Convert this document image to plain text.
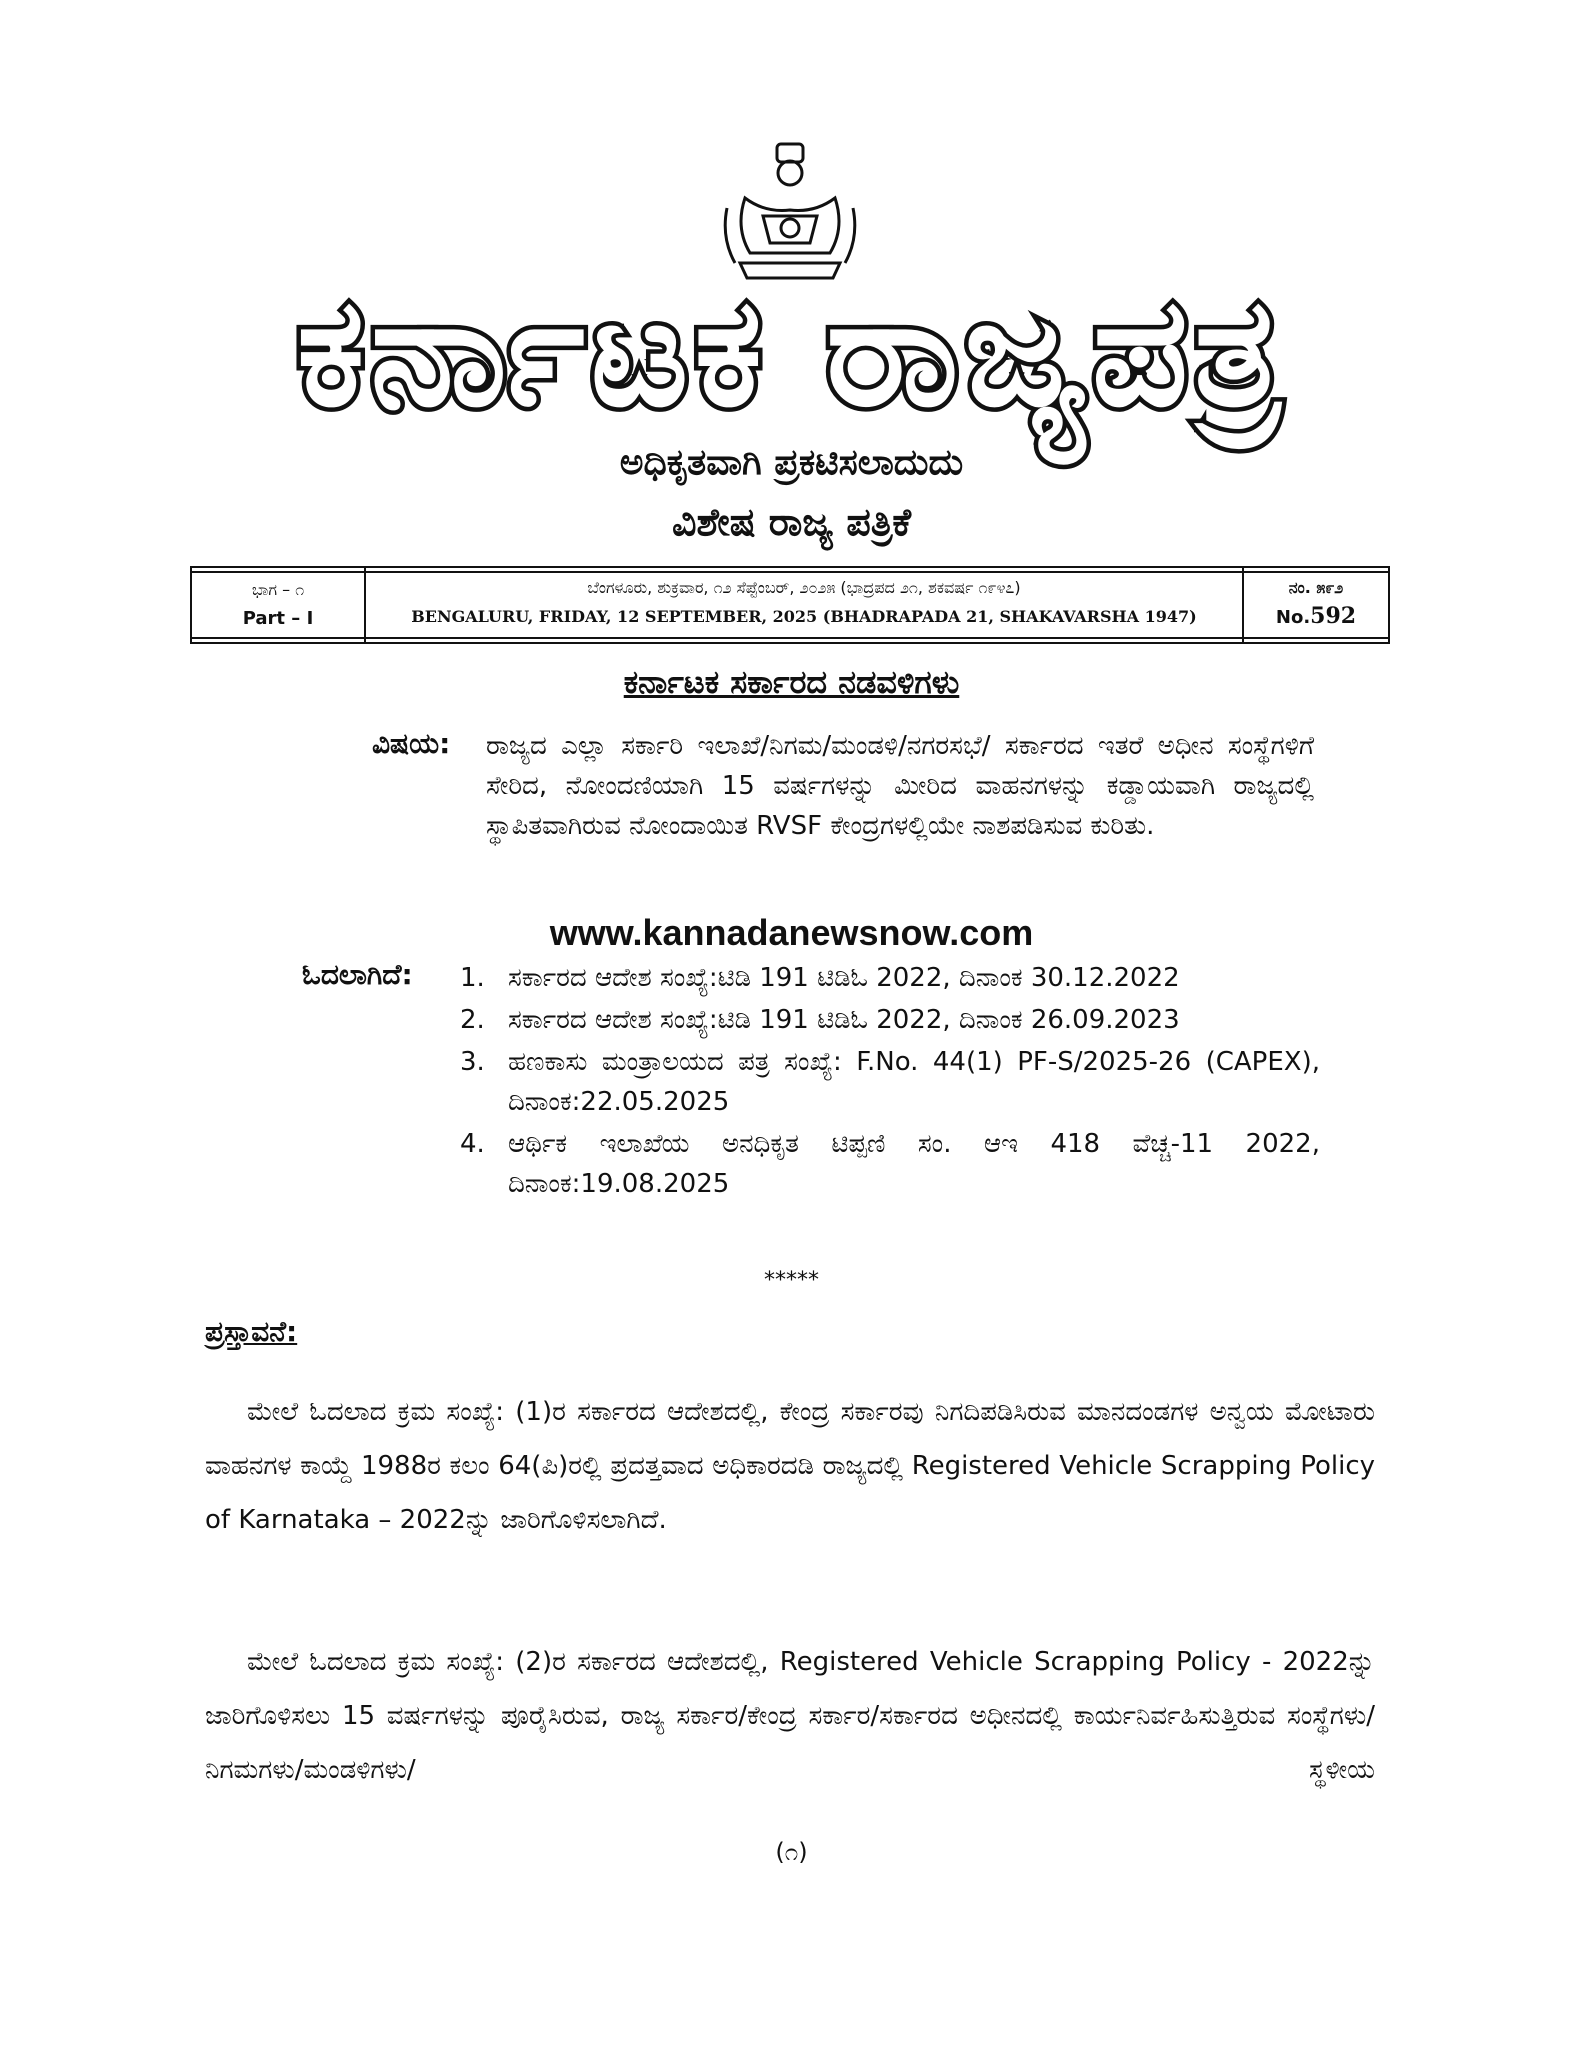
ಕರ್ನಾಟಕ ರಾಜ್ಯಪತ್ರ
ಅಧಿಕೃತವಾಗಿ ಪ್ರಕಟಿಸಲಾದುದು
ವಿಶೇಷ ರಾಜ್ಯ ಪತ್ರಿಕೆ
ಭಾಗ – ೧
Part – I
ಬೆಂಗಳೂರು, ಶುಕ್ರವಾರ, ೧೨ ಸೆಪ್ಟೆಂಬರ್, ೨೦೨೫ (ಭಾದ್ರಪದ ೨೧, ಶಕವರ್ಷ ೧೯೪೭)
BENGALURU, FRIDAY, 12 SEPTEMBER, 2025 (BHADRAPADA 21, SHAKAVARSHA 1947)
ನಂ. ೫೯೨
No.592
ಕರ್ನಾಟಕ ಸರ್ಕಾರದ ನಡವಳಿಗಳು
ವಿಷಯ: ರಾಜ್ಯದ ಎಲ್ಲಾ ಸರ್ಕಾರಿ ಇಲಾಖೆ/ನಿಗಮ/ಮಂಡಳಿ/ನಗರಸಭೆ/ ಸರ್ಕಾರದ ಇತರೆ ಅಧೀನ ಸಂಸ್ಥೆಗಳಿಗೆ ಸೇರಿದ, ನೋಂದಣಿಯಾಗಿ 15 ವರ್ಷಗಳನ್ನು ಮೀರಿದ ವಾಹನಗಳನ್ನು ಕಡ್ಡಾಯವಾಗಿ ರಾಜ್ಯದಲ್ಲಿ ಸ್ಥಾಪಿತವಾಗಿರುವ ನೋಂದಾಯಿತ RVSF ಕೇಂದ್ರಗಳಲ್ಲಿಯೇ ನಾಶಪಡಿಸುವ ಕುರಿತು.
www.kannadanewsnow.com
ಓದಲಾಗಿದೆ: 1. ಸರ್ಕಾರದ ಆದೇಶ ಸಂಖ್ಯೆ:ಟಿಡಿ 191 ಟಿಡಿಓ 2022, ದಿನಾಂಕ 30.12.2022
2. ಸರ್ಕಾರದ ಆದೇಶ ಸಂಖ್ಯೆ:ಟಿಡಿ 191 ಟಿಡಿಓ 2022, ದಿನಾಂಕ 26.09.2023
3. ಹಣಕಾಸು ಮಂತ್ರಾಲಯದ ಪತ್ರ ಸಂಖ್ಯೆ: F.No. 44(1) PF-S/2025-26 (CAPEX), ದಿನಾಂಕ:22.05.2025
4. ಆರ್ಥಿಕ ಇಲಾಖೆಯ ಅನಧಿಕೃತ ಟಿಪ್ಪಣಿ ಸಂ. ಆಇ 418 ವೆಚ್ಚ-11 2022, ದಿನಾಂಕ:19.08.2025
*****
ಪ್ರಸ್ತಾವನೆ:
ಮೇಲೆ ಓದಲಾದ ಕ್ರಮ ಸಂಖ್ಯೆ: (1)ರ ಸರ್ಕಾರದ ಆದೇಶದಲ್ಲಿ, ಕೇಂದ್ರ ಸರ್ಕಾರವು ನಿಗದಿಪಡಿಸಿರುವ ಮಾನದಂಡಗಳ ಅನ್ವಯ ಮೋಟಾರು ವಾಹನಗಳ ಕಾಯ್ದೆ 1988ರ ಕಲಂ 64(ಪಿ)ರಲ್ಲಿ ಪ್ರದತ್ತವಾದ ಅಧಿಕಾರದಡಿ ರಾಜ್ಯದಲ್ಲಿ Registered Vehicle Scrapping Policy of Karnataka – 2022ನ್ನು ಜಾರಿಗೊಳಿಸಲಾಗಿದೆ.
ಮೇಲೆ ಓದಲಾದ ಕ್ರಮ ಸಂಖ್ಯೆ: (2)ರ ಸರ್ಕಾರದ ಆದೇಶದಲ್ಲಿ, Registered Vehicle Scrapping Policy - 2022ನ್ನು ಜಾರಿಗೊಳಿಸಲು 15 ವರ್ಷಗಳನ್ನು ಪೂರೈಸಿರುವ, ರಾಜ್ಯ ಸರ್ಕಾರ/ಕೇಂದ್ರ ಸರ್ಕಾರ/ಸರ್ಕಾರದ ಅಧೀನದಲ್ಲಿ ಕಾರ್ಯನಿರ್ವಹಿಸುತ್ತಿರುವ ಸಂಸ್ಥೆಗಳು/ನಿಗಮಗಳು/ಮಂಡಳಿಗಳು/ ಸ್ಥಳೀಯ
(೧)
